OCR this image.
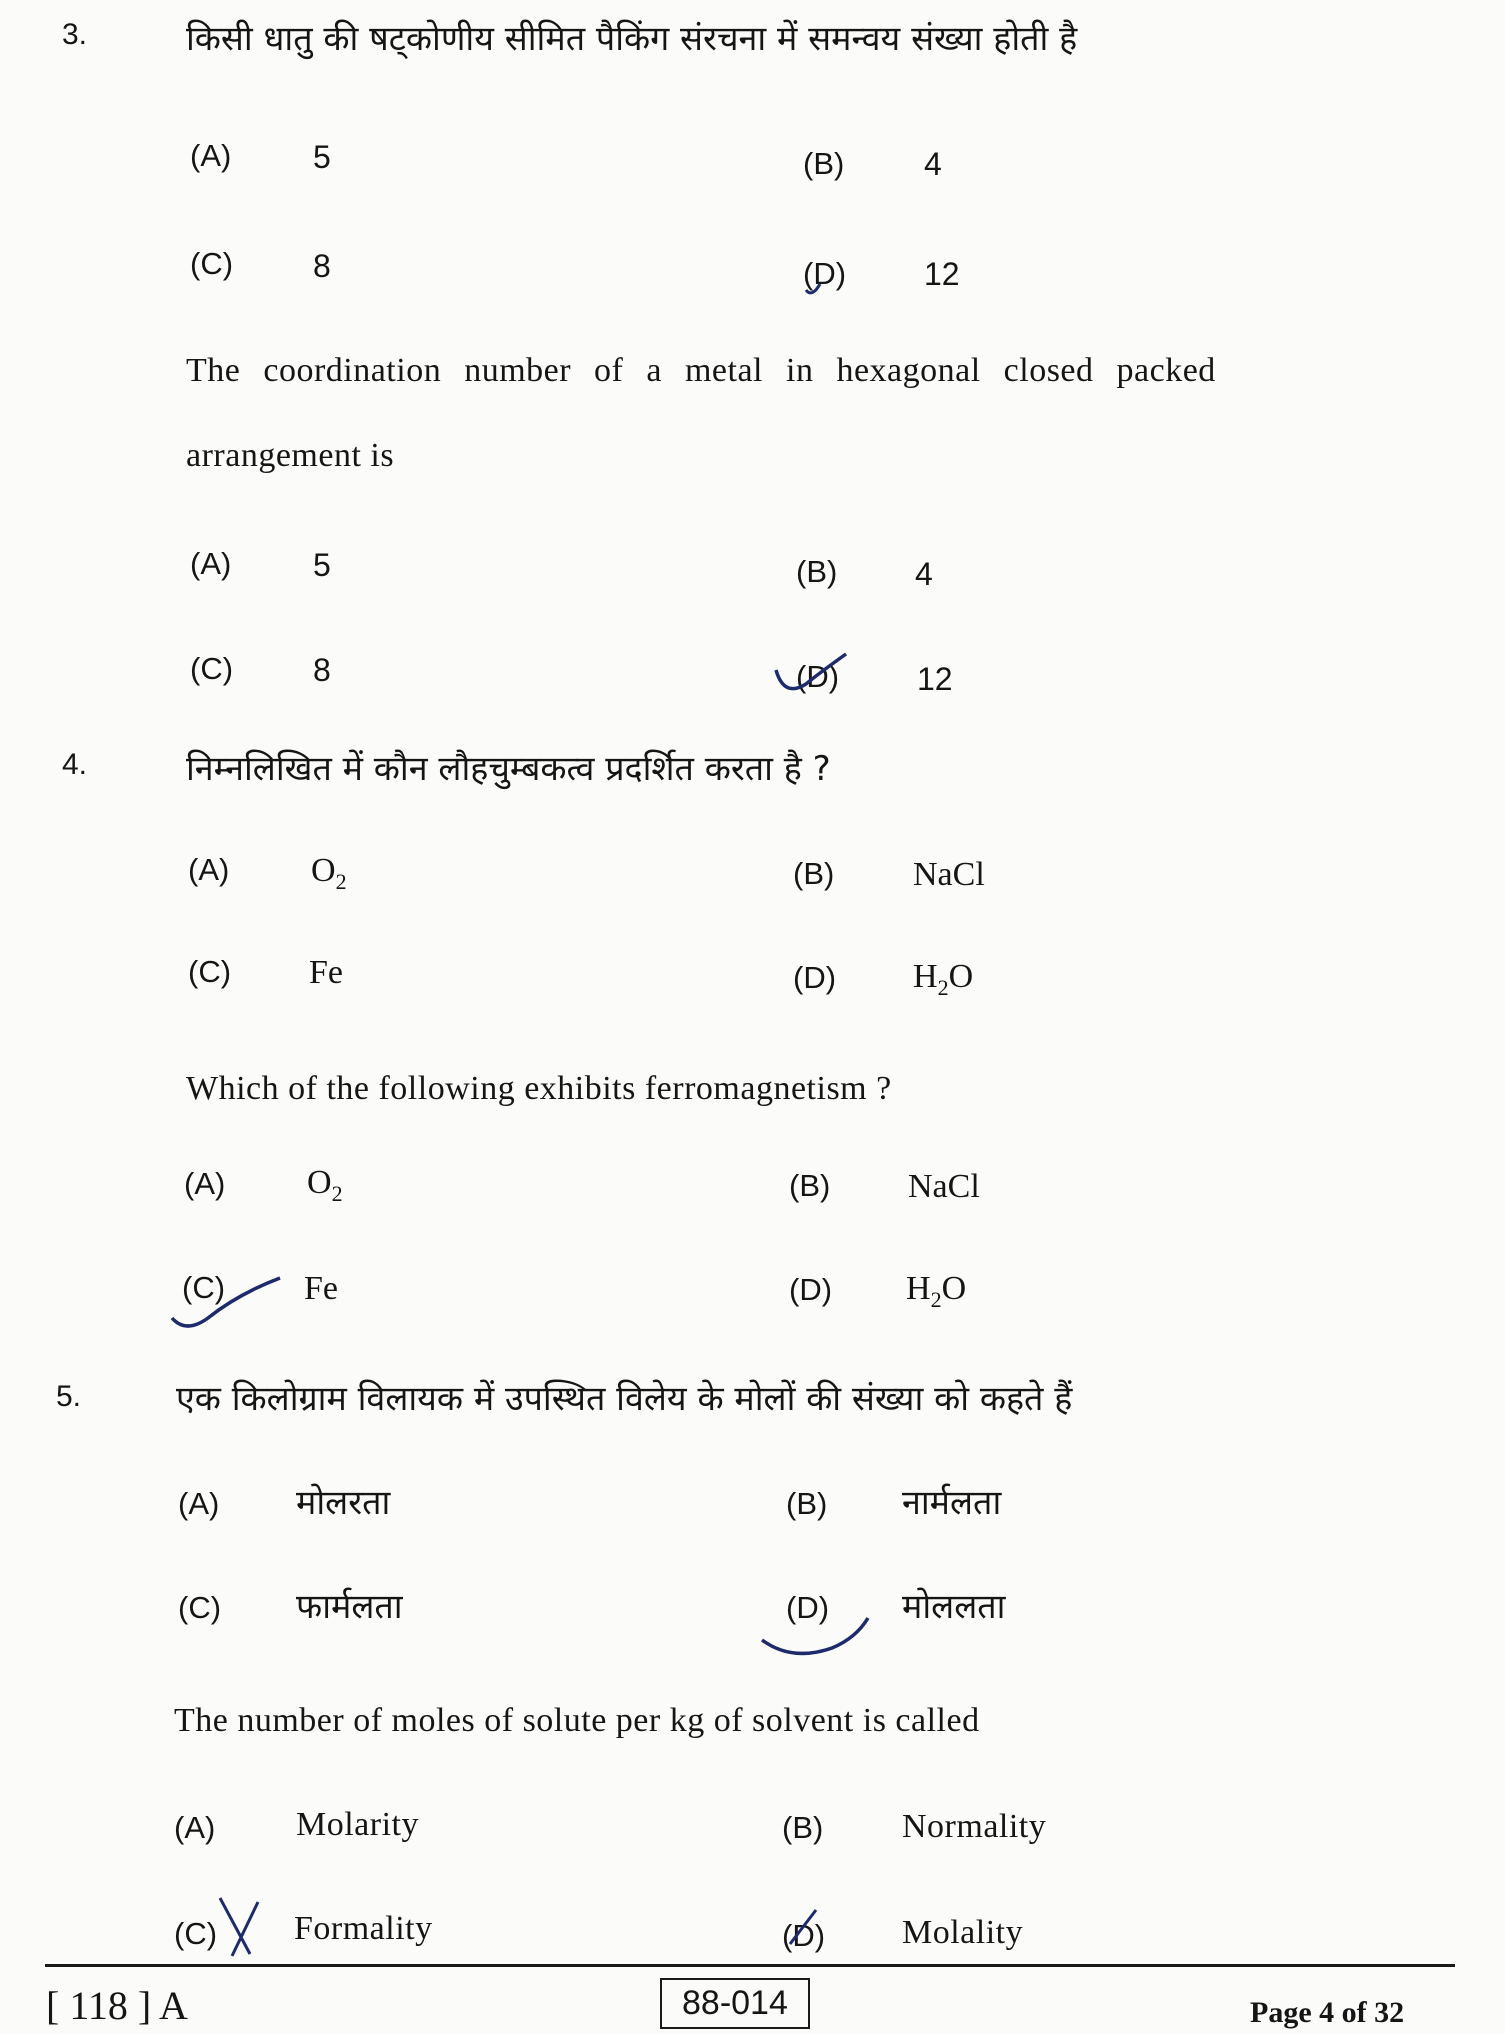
3.	किसी धातु की षट्कोणीय सीमित पैकिंग संरचना में समन्वय संख्या होती है
(A)	5	(B) 4
(C) 8	(D) 12
The coordination number of a metal in hexagonal closed packed
arrangement is
(A)	5	(B) 4
(C) 8	(D) 12
4.	निम्नलिखित में कौन लौहचुम्बकत्व प्रदर्शित करता है ?
(A) $O_2$	(B) NaCl
(C) Fe	(D) $H_2O$
Which of the following exhibits ferromagnetism ?
(A) $O_2$	(B) NaCl
(C) Fe	(D) $H_2O$
5.	एक किलोग्राम विलायक में उपस्थित विलेय के मोलों की संख्या को कहते हैं
(A) मोलरता	(B) नार्मलता
(C) फार्मलता	(D) मोललता
The number of moles of solute per kg of solvent is called
(A) Molarity	(B) Normality
(C) Formality	(D) Molality
[ 118 ] A	88-014	Page 4 of 32
